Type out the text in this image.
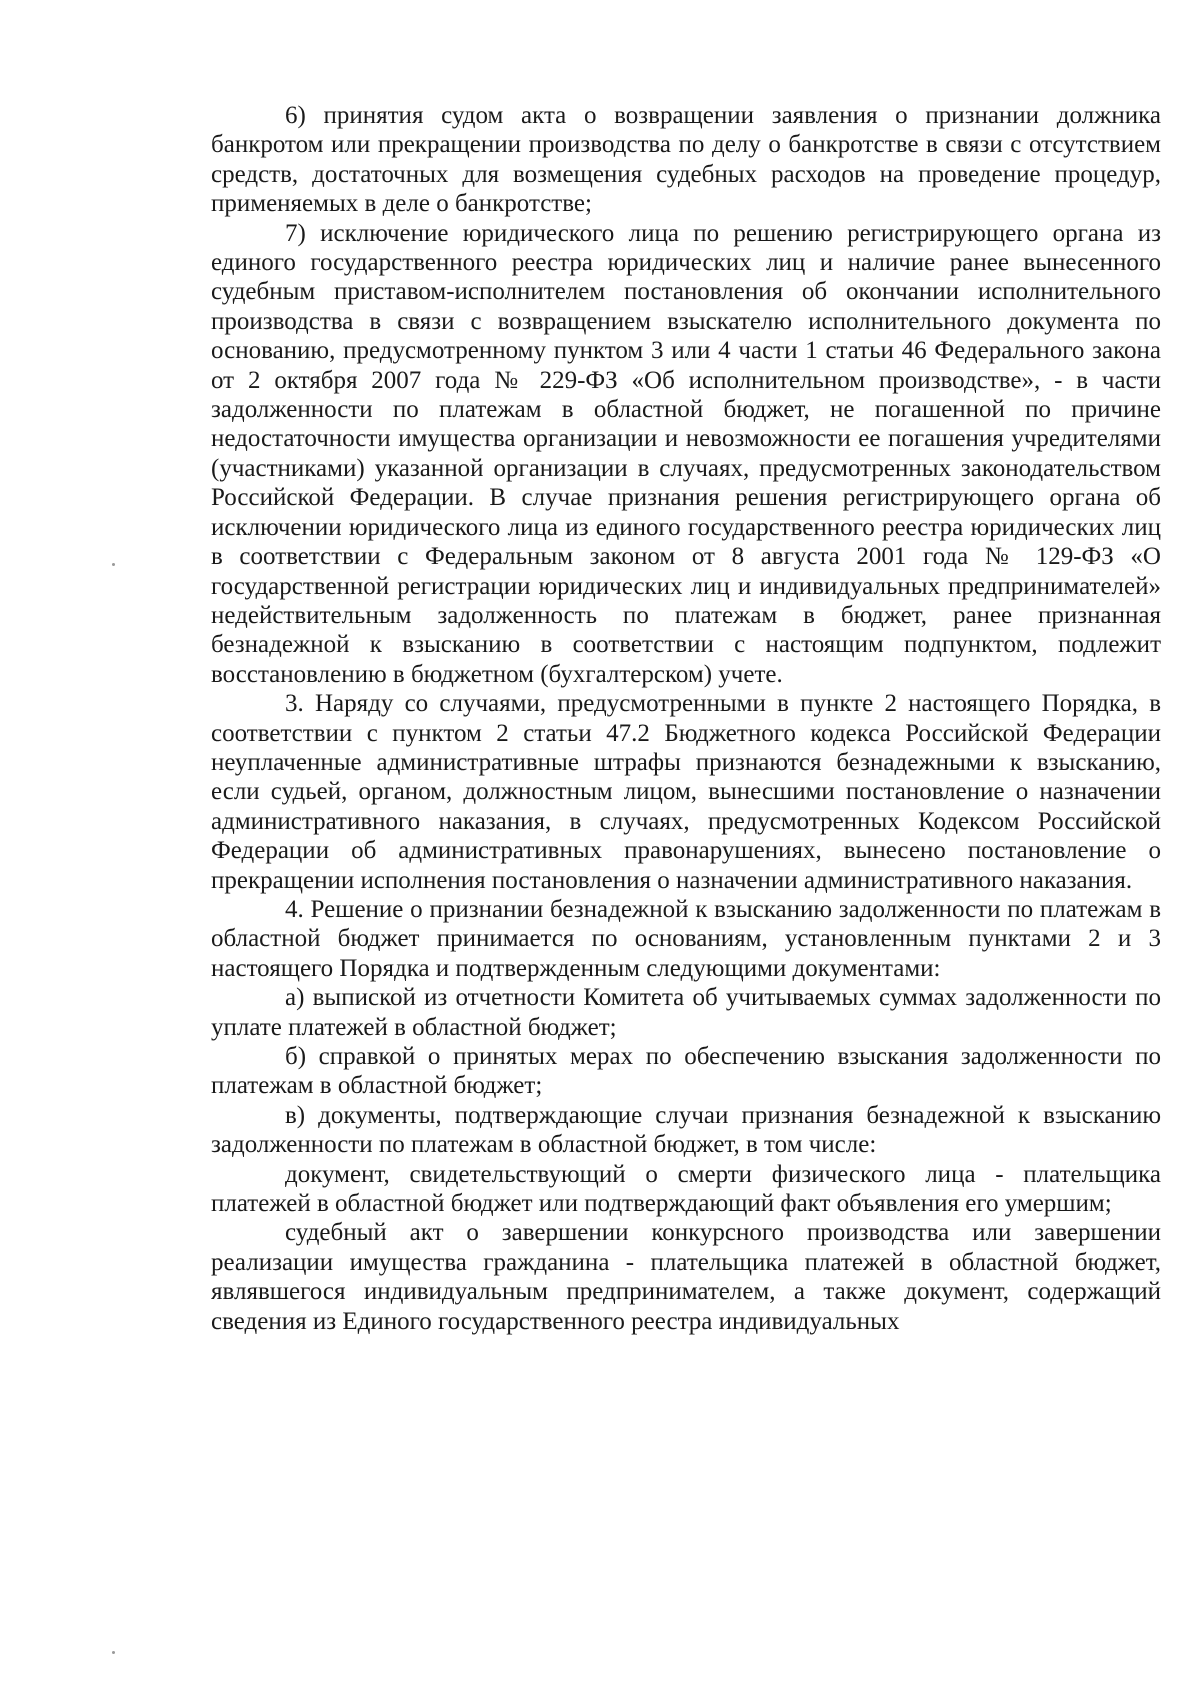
6) принятия судом акта о возвращении заявления о признании должника банкротом или прекращении производства по делу о банкротстве в связи с отсутствием средств, достаточных для возмещения судебных расходов на проведение процедур, применяемых в деле о банкротстве;

7) исключение юридического лица по решению регистрирующего органа из единого государственного реестра юридических лиц и наличие ранее вынесенного судебным приставом-исполнителем постановления об окончании исполнительного производства в связи с возвращением взыскателю исполнительного документа по основанию, предусмотренному пунктом 3 или 4 части 1 статьи 46 Федерального закона от 2 октября 2007 года № 229-ФЗ «Об исполнительном производстве», - в части задолженности по платежам в областной бюджет, не погашенной по причине недостаточности имущества организации и невозможности ее погашения учредителями (участниками) указанной организации в случаях, предусмотренных законодательством Российской Федерации. В случае признания решения регистрирующего органа об исключении юридического лица из единого государственного реестра юридических лиц в соответствии с Федеральным законом от 8 августа 2001 года № 129-ФЗ «О государственной регистрации юридических лиц и индивидуальных предпринимателей» недействительным задолженность по платежам в бюджет, ранее признанная безнадежной к взысканию в соответствии с настоящим подпунктом, подлежит восстановлению в бюджетном (бухгалтерском) учете.

3. Наряду со случаями, предусмотренными в пункте 2 настоящего Порядка, в соответствии с пунктом 2 статьи 47.2 Бюджетного кодекса Российской Федерации неуплаченные административные штрафы признаются безнадежными к взысканию, если судьей, органом, должностным лицом, вынесшими постановление о назначении административного наказания, в случаях, предусмотренных Кодексом Российской Федерации об административных правонарушениях, вынесено постановление о прекращении исполнения постановления о назначении административного наказания.

4. Решение о признании безнадежной к взысканию задолженности по платежам в областной бюджет принимается по основаниям, установленным пунктами 2 и 3 настоящего Порядка и подтвержденным следующими документами:

а) выпиской из отчетности Комитета об учитываемых суммах задолженности по уплате платежей в областной бюджет;

б) справкой о принятых мерах по обеспечению взыскания задолженности по платежам в областной бюджет;

в) документы, подтверждающие случаи признания безнадежной к взысканию задолженности по платежам в областной бюджет, в том числе:

документ, свидетельствующий о смерти физического лица - плательщика платежей в областной бюджет или подтверждающий факт объявления его умершим;

судебный акт о завершении конкурсного производства или завершении реализации имущества гражданина - плательщика платежей в областной бюджет, являвшегося индивидуальным предпринимателем, а также документ, содержащий сведения из Единого государственного реестра индивидуальных
